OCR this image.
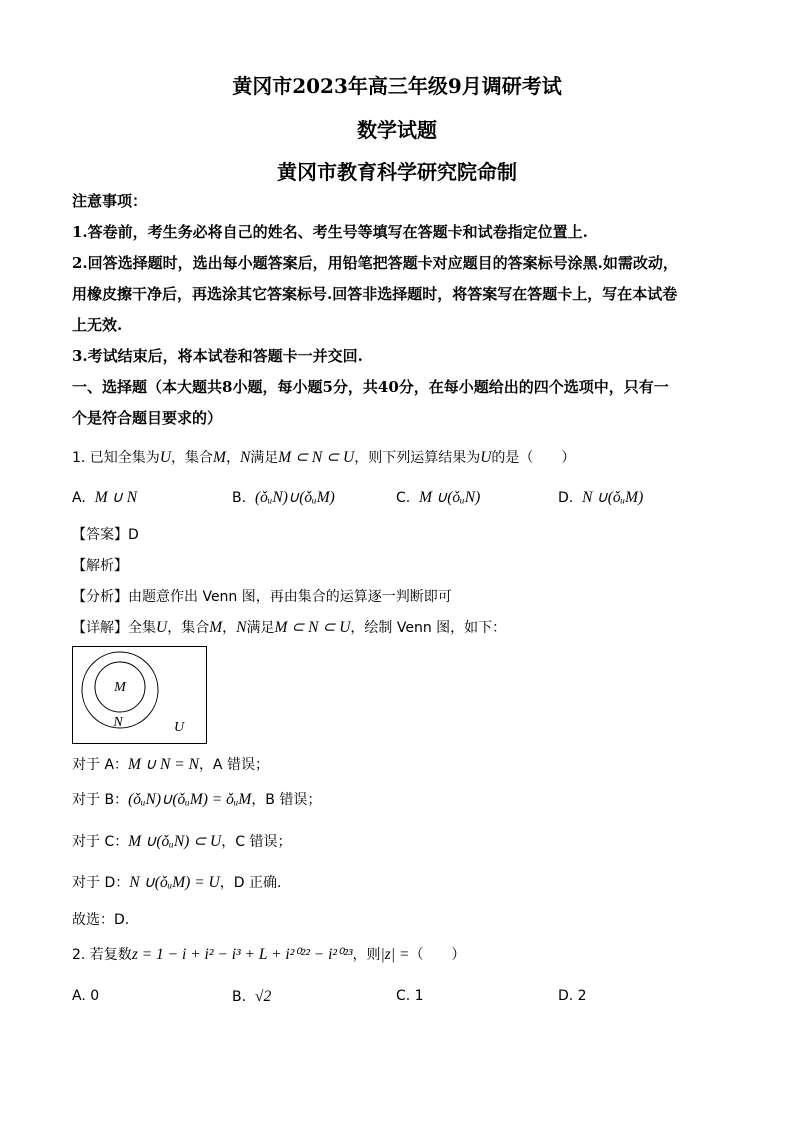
黄冈市2023年高三年级9月调研考试
数学试题
黄冈市教育科学研究院命制
注意事项：
1.答卷前，考生务必将自己的姓名、考生号等填写在答题卡和试卷指定位置上.
2.回答选择题时，选出每小题答案后，用铅笔把答题卡对应题目的答案标号涂黑.如需改动，
用橡皮擦干净后，再选涂其它答案标号.回答非选择题时，将答案写在答题卡上，写在本试卷
上无效.
3.考试结束后，将本试卷和答题卡一并交回.
一、选择题（本大题共8小题，每小题5分，共40分，在每小题给出的四个选项中，只有一
个是符合题目要求的）
1. 已知全集为U，集合M，N满足M ⊂ N ⊂ U，则下列运算结果为U的是（　　）
A. M ∪ N	B. (ǒᵤN)∪(ǒᵤM)	C. M ∪(ǒᵤN)	D. N ∪(ǒᵤM)
【答案】D
【解析】
【分析】由题意作出 Venn 图，再由集合的运算逐一判断即可
【详解】全集U，集合M，N满足M ⊂ N ⊂ U，绘制 Venn 图，如下：
M
N	U
对于 A：M ∪ N = N，A 错误；
对于 B：(ǒᵤN)∪(ǒᵤM) = ǒᵤM，B 错误；
对于 C：M ∪(ǒᵤN) ⊂ U，C 错误；
对于 D：N ∪(ǒᵤM) = U，D 正确.
故选：D.
2. 若复数z = 1 − i + i² − i³ + L + i²⁰²² − i²⁰²³，则|z| =（　　）
A. 0	B. √2	C. 1	D. 2
